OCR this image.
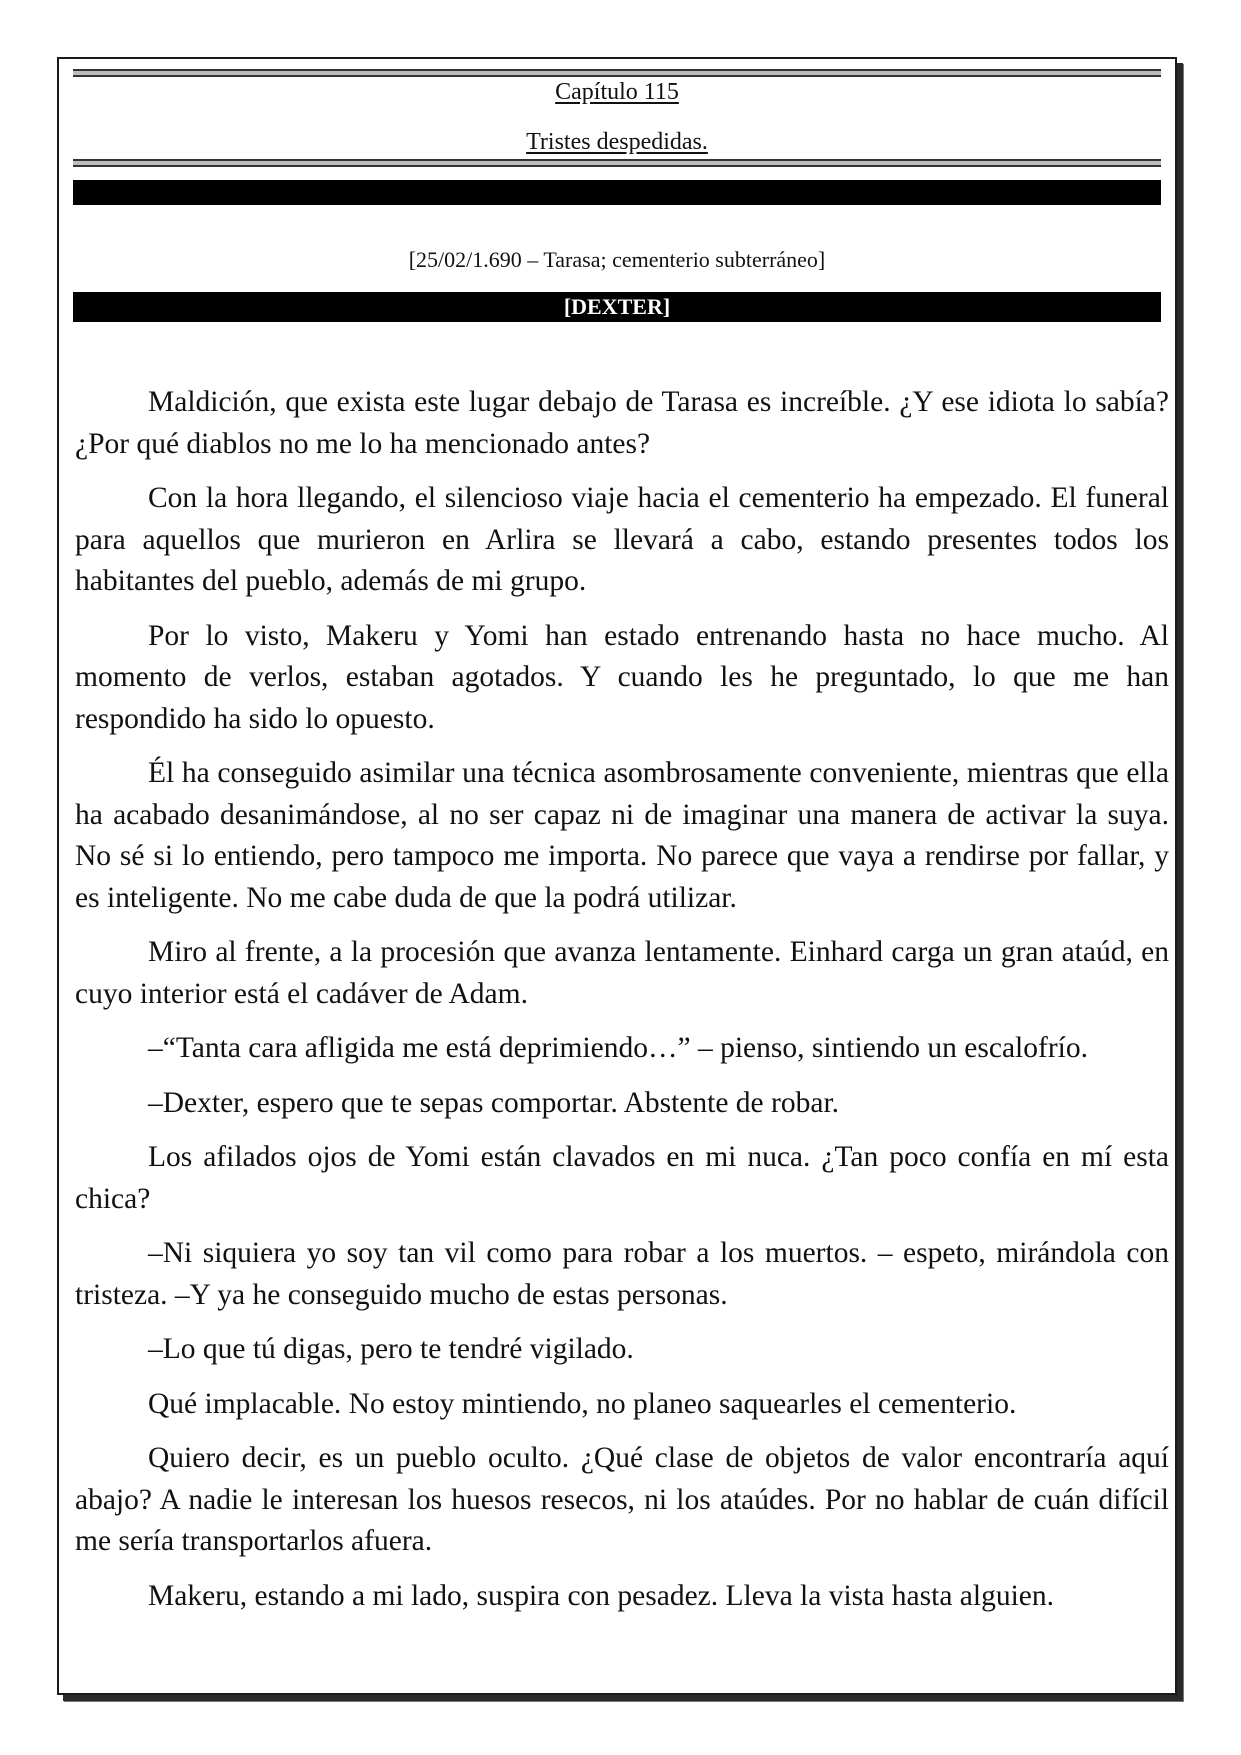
Capítulo 115
Tristes despedidas.
[25/02/1.690 – Tarasa; cementerio subterráneo]
[DEXTER]

Maldición, que exista este lugar debajo de Tarasa es increíble. ¿Y ese idiota lo sabía? ¿Por qué diablos no me lo ha mencionado antes?

Con la hora llegando, el silencioso viaje hacia el cementerio ha empezado. El funeral para aquellos que murieron en Arlira se llevará a cabo, estando presentes todos los habitantes del pueblo, además de mi grupo.

Por lo visto, Makeru y Yomi han estado entrenando hasta no hace mucho. Al momento de verlos, estaban agotados. Y cuando les he preguntado, lo que me han respondido ha sido lo opuesto.

Él ha conseguido asimilar una técnica asombrosamente conveniente, mientras que ella ha acabado desanimándose, al no ser capaz ni de imaginar una manera de activar la suya. No sé si lo entiendo, pero tampoco me importa. No parece que vaya a rendirse por fallar, y es inteligente. No me cabe duda de que la podrá utilizar.

Miro al frente, a la procesión que avanza lentamente. Einhard carga un gran ataúd, en cuyo interior está el cadáver de Adam.

–“Tanta cara afligida me está deprimiendo…” – pienso, sintiendo un escalofrío.

–Dexter, espero que te sepas comportar. Abstente de robar.

Los afilados ojos de Yomi están clavados en mi nuca. ¿Tan poco confía en mí esta chica?

–Ni siquiera yo soy tan vil como para robar a los muertos. – espeto, mirándola con tristeza. –Y ya he conseguido mucho de estas personas.

–Lo que tú digas, pero te tendré vigilado.

Qué implacable. No estoy mintiendo, no planeo saquearles el cementerio.

Quiero decir, es un pueblo oculto. ¿Qué clase de objetos de valor encontraría aquí abajo? A nadie le interesan los huesos resecos, ni los ataúdes. Por no hablar de cuán difícil me sería transportarlos afuera.

Makeru, estando a mi lado, suspira con pesadez. Lleva la vista hasta alguien.
